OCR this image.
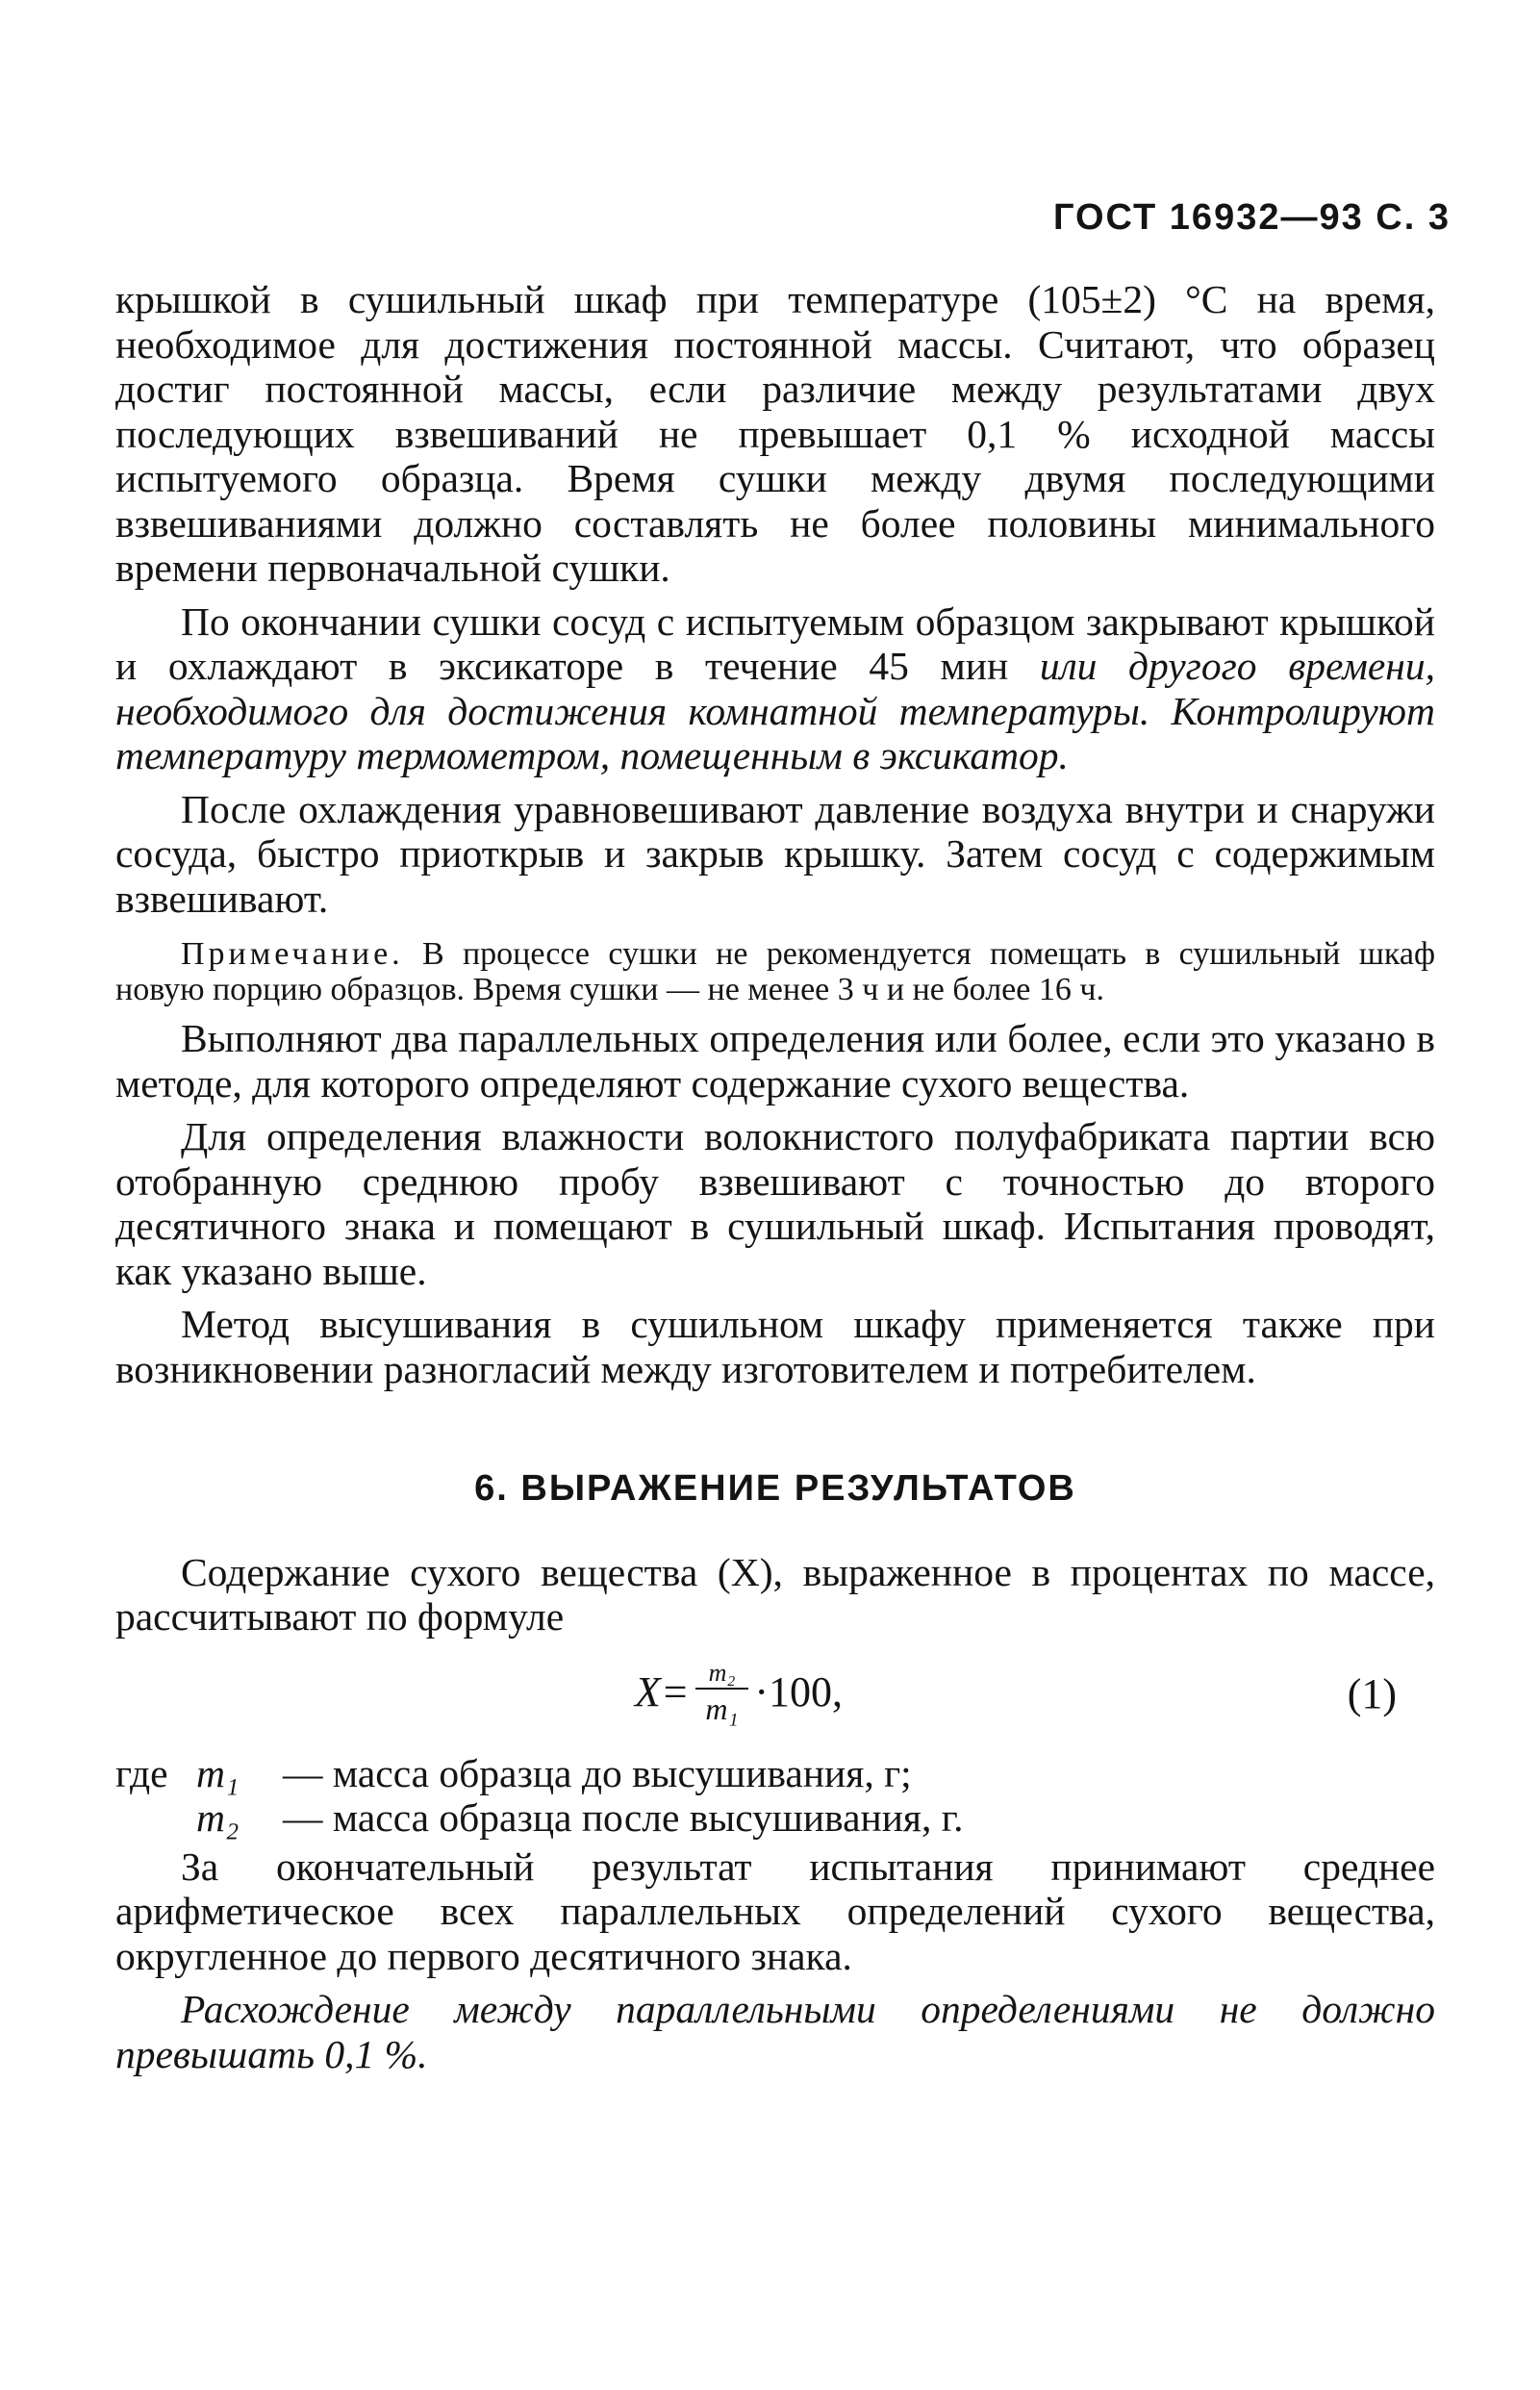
ГОСТ 16932—93 С. 3

крышкой в сушильный шкаф при температуре (105±2) °С на время, необходимое для достижения постоянной массы. Считают, что образец достиг постоянной массы, если различие между результатами двух последующих взвешиваний не превышает 0,1 % исходной массы испытуемого образца. Время сушки между двумя последующими взвешиваниями должно составлять не более половины минимального времени первоначальной сушки.

По окончании сушки сосуд с испытуемым образцом закрывают крышкой и охлаждают в эксикаторе в течение 45 мин или другого времени, необходимого для достижения комнатной температуры. Контролируют температуру термометром, помещенным в эксикатор.

После охлаждения уравновешивают давление воздуха внутри и снаружи сосуда, быстро приоткрыв и закрыв крышку. Затем сосуд с содержимым взвешивают.

Примечание. В процессе сушки не рекомендуется помещать в сушильный шкаф новую порцию образцов. Время сушки — не менее 3 ч и не более 16 ч.

Выполняют два параллельных определения или более, если это указано в методе, для которого определяют содержание сухого вещества.

Для определения влажности волокнистого полуфабриката партии всю отобранную среднюю пробу взвешивают с точностью до второго десятичного знака и помещают в сушильный шкаф. Испытания проводят, как указано выше.

Метод высушивания в сушильном шкафу применяется также при возникновении разногласий между изготовителем и потребителем.

6. ВЫРАЖЕНИЕ РЕЗУЛЬТАТОВ

Содержание сухого вещества (X), выраженное в процентах по массе, рассчитывают по формуле

$X= \frac{\text{m₂}}{\text{m₁}} \cdot 100$,	(1)
где m₁	— масса образца до высушивания, г;
m₂	— масса образца после высушивания, г.

За окончательный результат испытания принимают среднее арифметическое всех параллельных определений сухого вещества, округленное до первого десятичного знака.

Расхождение между параллельными определениями не должно превышать 0,1 %.
